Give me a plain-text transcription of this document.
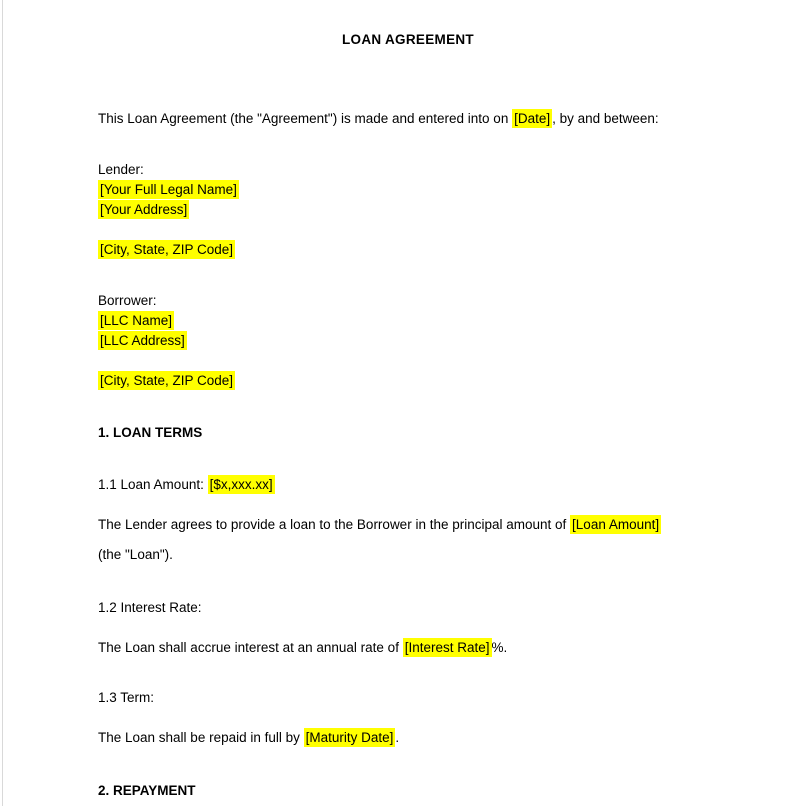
LOAN AGREEMENT

This Loan Agreement (the "Agreement") is made and entered into on [Date] , by and between:

Lender:
[Your Full Legal Name]
[Your Address]
[City, State, ZIP Code]
Borrower:
[LLC Name]
[LLC Address]
[City, State, ZIP Code]
1. LOAN TERMS

1.1 Loan Amount: [$x,xxx.xx]

The Lender agrees to provide a loan to the Borrower in the principal amount of [Loan Amount]
(the "Loan").

1.2 Interest Rate:

The Loan shall accrue interest at an annual rate of [Interest Rate] %.

1.3 Term:

The Loan shall be repaid in full by [Maturity Date] .

2. REPAYMENT
